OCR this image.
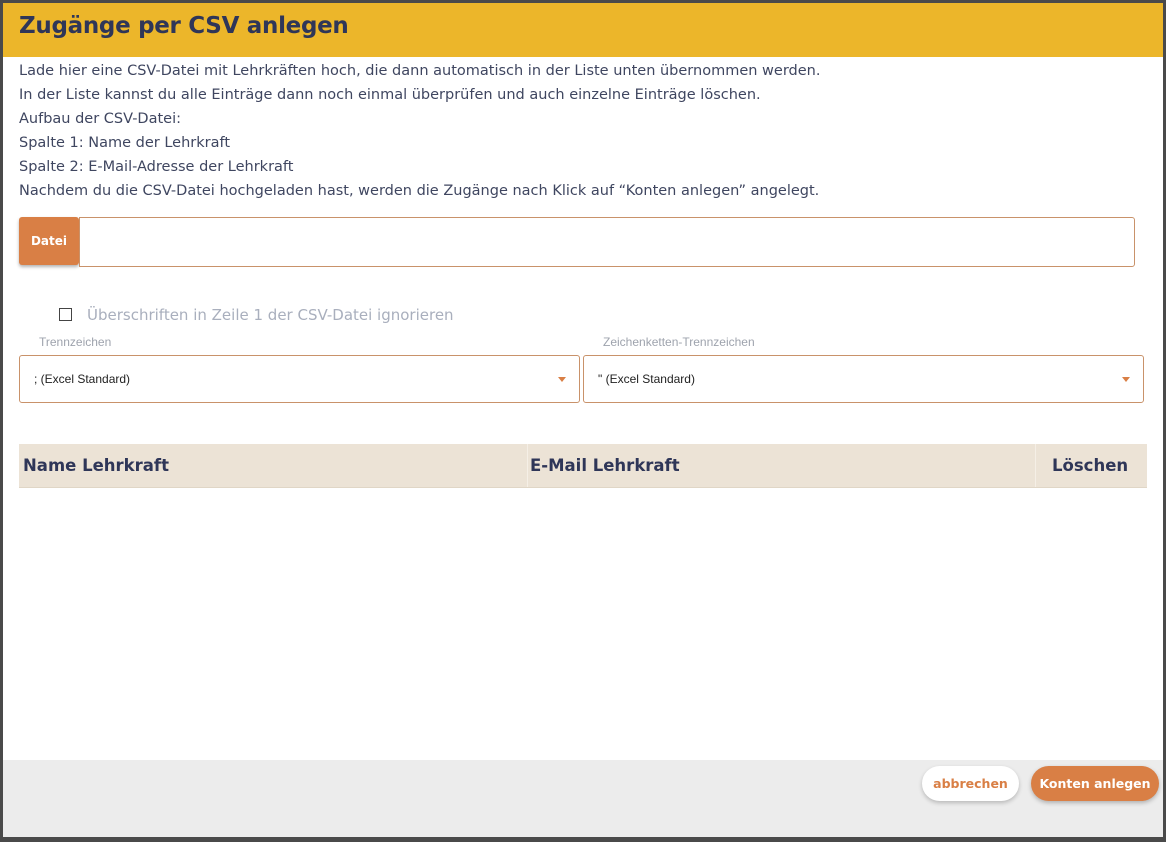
Zugänge per CSV anlegen
Lade hier eine CSV-Datei mit Lehrkräften hoch, die dann automatisch in der Liste unten übernommen werden.
In der Liste kannst du alle Einträge dann noch einmal überprüfen und auch einzelne Einträge löschen.
Aufbau der CSV-Datei:
Spalte 1: Name der Lehrkraft
Spalte 2: E-Mail-Adresse der Lehrkraft
Nachdem du die CSV-Datei hochgeladen hast, werden die Zugänge nach Klick auf “Konten anlegen” angelegt.
Datei
Überschriften in Zeile 1 der CSV-Datei ignorieren
Trennzeichen
; (Excel Standard)
Zeichenketten-Trennzeichen
" (Excel Standard)
Name Lehrkraft	E-Mail Lehrkraft	Löschen
abbrechen	Konten anlegen
